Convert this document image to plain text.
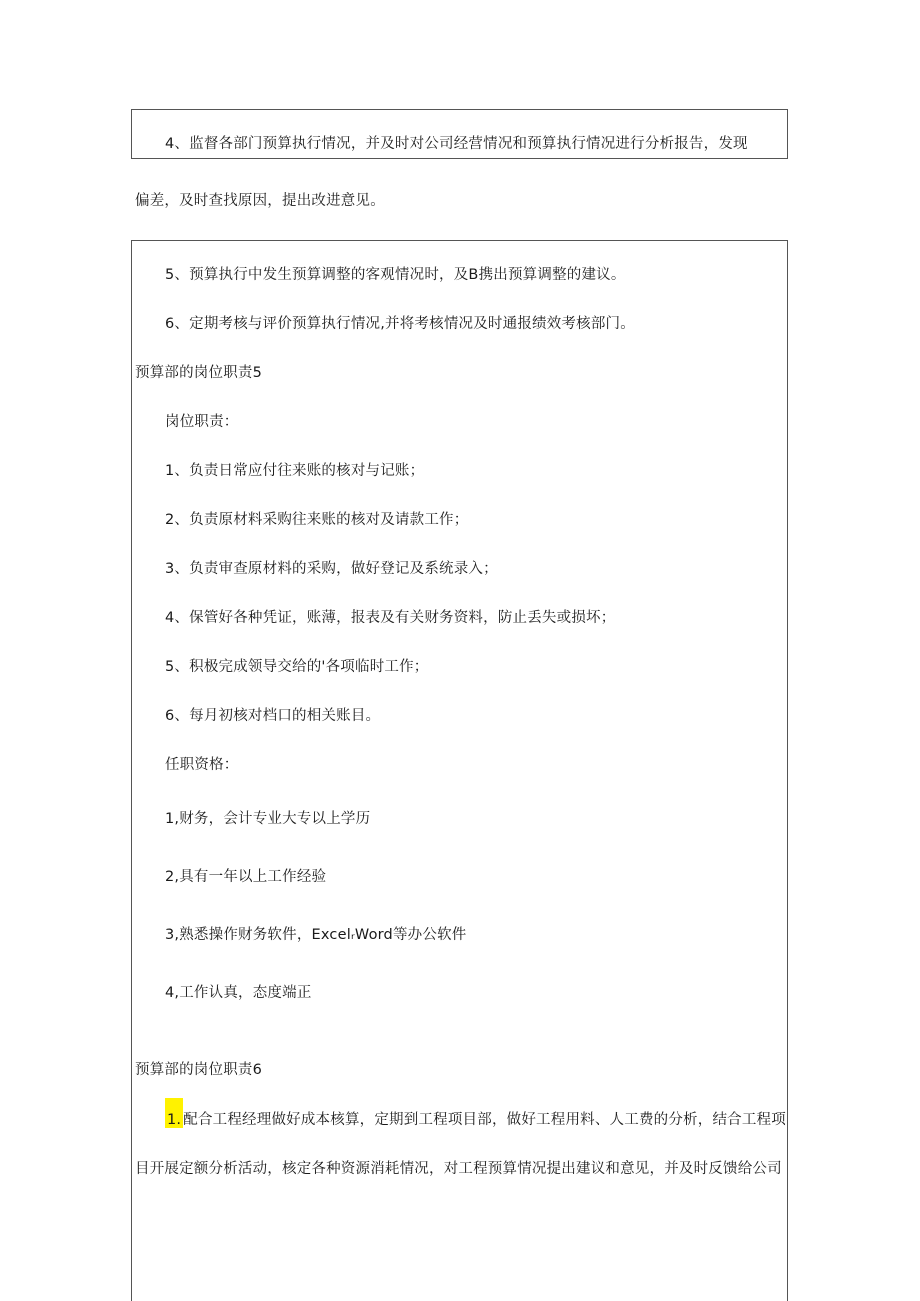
4、监督各部门预算执行情况，并及时对公司经营情况和预算执行情况进行分析报告，发现
偏差，及时查找原因，提出改进意见。
5、预算执行中发生预算调整的客观情况时，及B携出预算调整的建议。
6、定期考核与评价预算执行情况,并将考核情况及时通报绩效考核部门。
预算部的岗位职责5
岗位职责：
1、负责日常应付往来账的核对与记账；
2、负责原材料采购往来账的核对及请款工作；
3、负责审查原材料的采购，做好登记及系统录入；
4、保管好各种凭证，账薄，报表及有关财务资料，防止丢失或损坏；
5、积极完成领导交给的'各项临时工作；
6、每月初核对档口的相关账目。
任职资格：
1,财务，会计专业大专以上学历
2,具有一年以上工作经验
3,熟悉操作财务软件，ExcelᵣWord等办公软件
4,工作认真，态度端正
预算部的岗位职责6
1. 配合工程经理做好成本核算，定期到工程项目部，做好工程用料、人工费的分析，结合工程项
目开展定额分析活动，核定各种资源消耗情况，对工程预算情况提出建议和意见，并及时反馈给公司
